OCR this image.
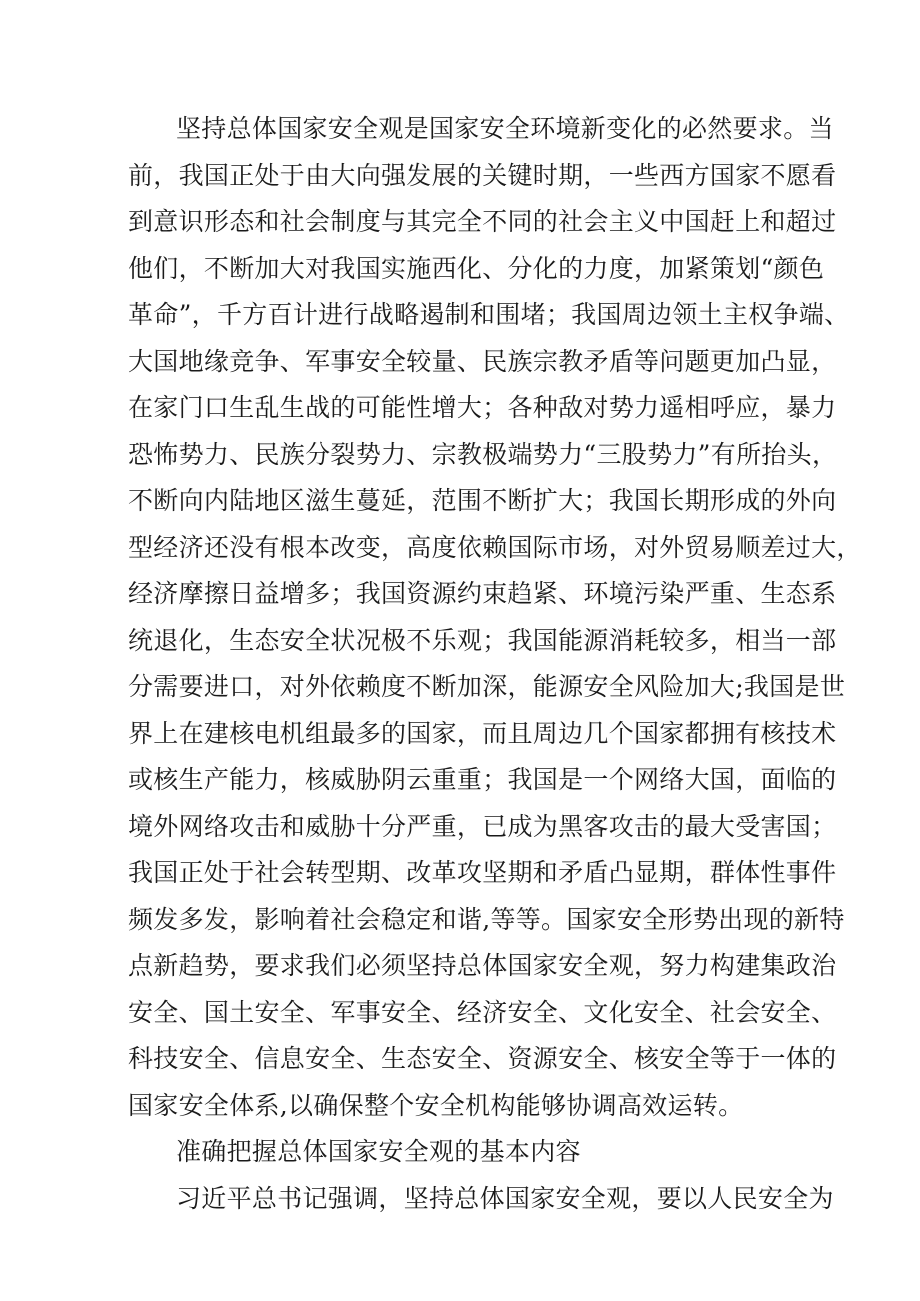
坚持总体国家安全观是国家安全环境新变化的必然要求。当
前，我国正处于由大向强发展的关键时期，一些西方国家不愿看
到意识形态和社会制度与其完全不同的社会主义中国赶上和超过
他们，不断加大对我国实施西化、分化的力度，加紧策划“颜色
革命”，千方百计进行战略遏制和围堵；我国周边领土主权争端、
大国地缘竞争、军事安全较量、民族宗教矛盾等问题更加凸显，
在家门口生乱生战的可能性增大；各种敌对势力遥相呼应，暴力
恐怖势力、民族分裂势力、宗教极端势力“三股势力”有所抬头，
不断向内陆地区滋生蔓延，范围不断扩大；我国长期形成的外向
型经济还没有根本改变，高度依赖国际市场，对外贸易顺差过大，
经济摩擦日益增多；我国资源约束趋紧、环境污染严重、生态系
统退化，生态安全状况极不乐观；我国能源消耗较多，相当一部
分需要进口，对外依赖度不断加深，能源安全风险加大;我国是世
界上在建核电机组最多的国家，而且周边几个国家都拥有核技术
或核生产能力，核威胁阴云重重；我国是一个网络大国，面临的
境外网络攻击和威胁十分严重，已成为黑客攻击的最大受害国；
我国正处于社会转型期、改革攻坚期和矛盾凸显期，群体性事件
频发多发，影响着社会稳定和谐,等等。国家安全形势出现的新特
点新趋势，要求我们必须坚持总体国家安全观，努力构建集政治
安全、国土安全、军事安全、经济安全、文化安全、社会安全、
科技安全、信息安全、生态安全、资源安全、核安全等于一体的
国家安全体系,以确保整个安全机构能够协调高效运转。
准确把握总体国家安全观的基本内容
习近平总书记强调，坚持总体国家安全观，要以人民安全为
